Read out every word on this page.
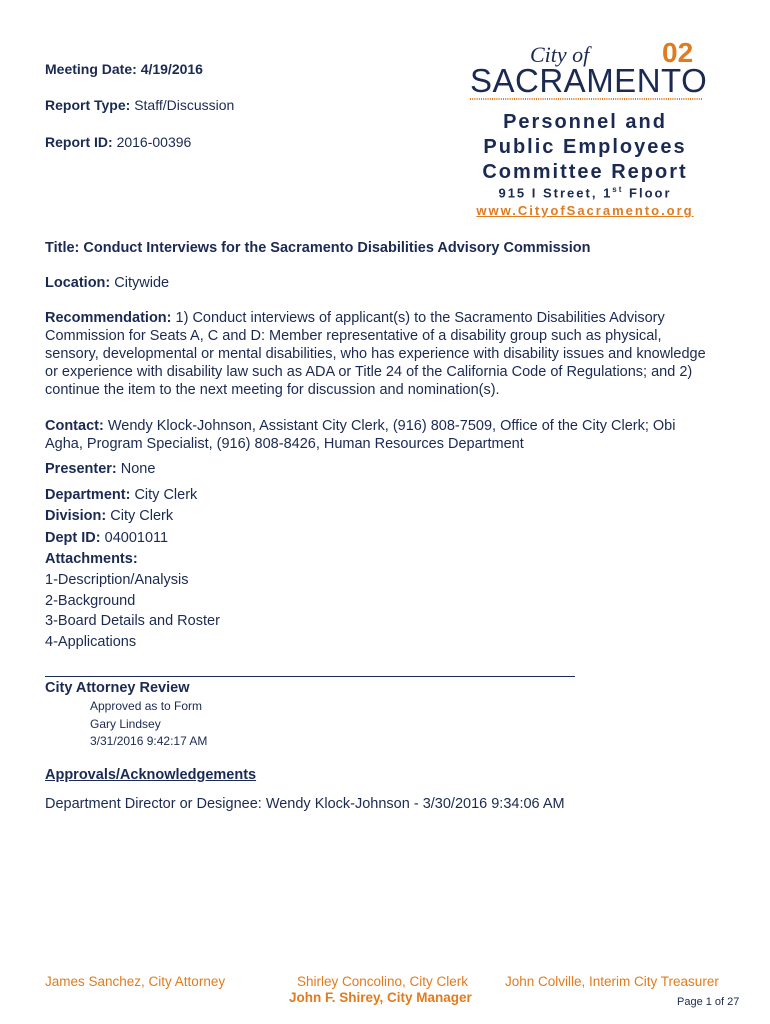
Meeting Date: 4/19/2016
Report Type: Staff/Discussion
Report ID: 2016-00396
City of
SACRAMENTO
02
Personnel and
Public Employees
Committee Report
915 I Street, 1st Floor
www.CityofSacramento.org
Title: Conduct Interviews for the Sacramento Disabilities Advisory Commission
Location: Citywide
Recommendation: 1) Conduct interviews of applicant(s) to the Sacramento Disabilities Advisory Commission for Seats A, C and D: Member representative of a disability group such as physical, sensory, developmental or mental disabilities, who has experience with disability issues and knowledge or experience with disability law such as ADA or Title 24 of the California Code of Regulations; and 2) continue the item to the next meeting for discussion and nomination(s).
Contact: Wendy Klock-Johnson, Assistant City Clerk, (916) 808-7509, Office of the City Clerk; Obi Agha, Program Specialist, (916) 808-8426, Human Resources Department
Presenter: None
Department: City Clerk
Division: City Clerk
Dept ID: 04001011
Attachments:
1-Description/Analysis
2-Background
3-Board Details and Roster
4-Applications
City Attorney Review
Approved as to Form
Gary Lindsey
3/31/2016 9:42:17 AM
Approvals/Acknowledgements
Department Director or Designee: Wendy Klock-Johnson - 3/30/2016 9:34:06 AM
James Sanchez, City Attorney	Shirley Concolino, City Clerk	John Colville, Interim City Treasurer
John F. Shirey, City Manager	Page 1 of 27
